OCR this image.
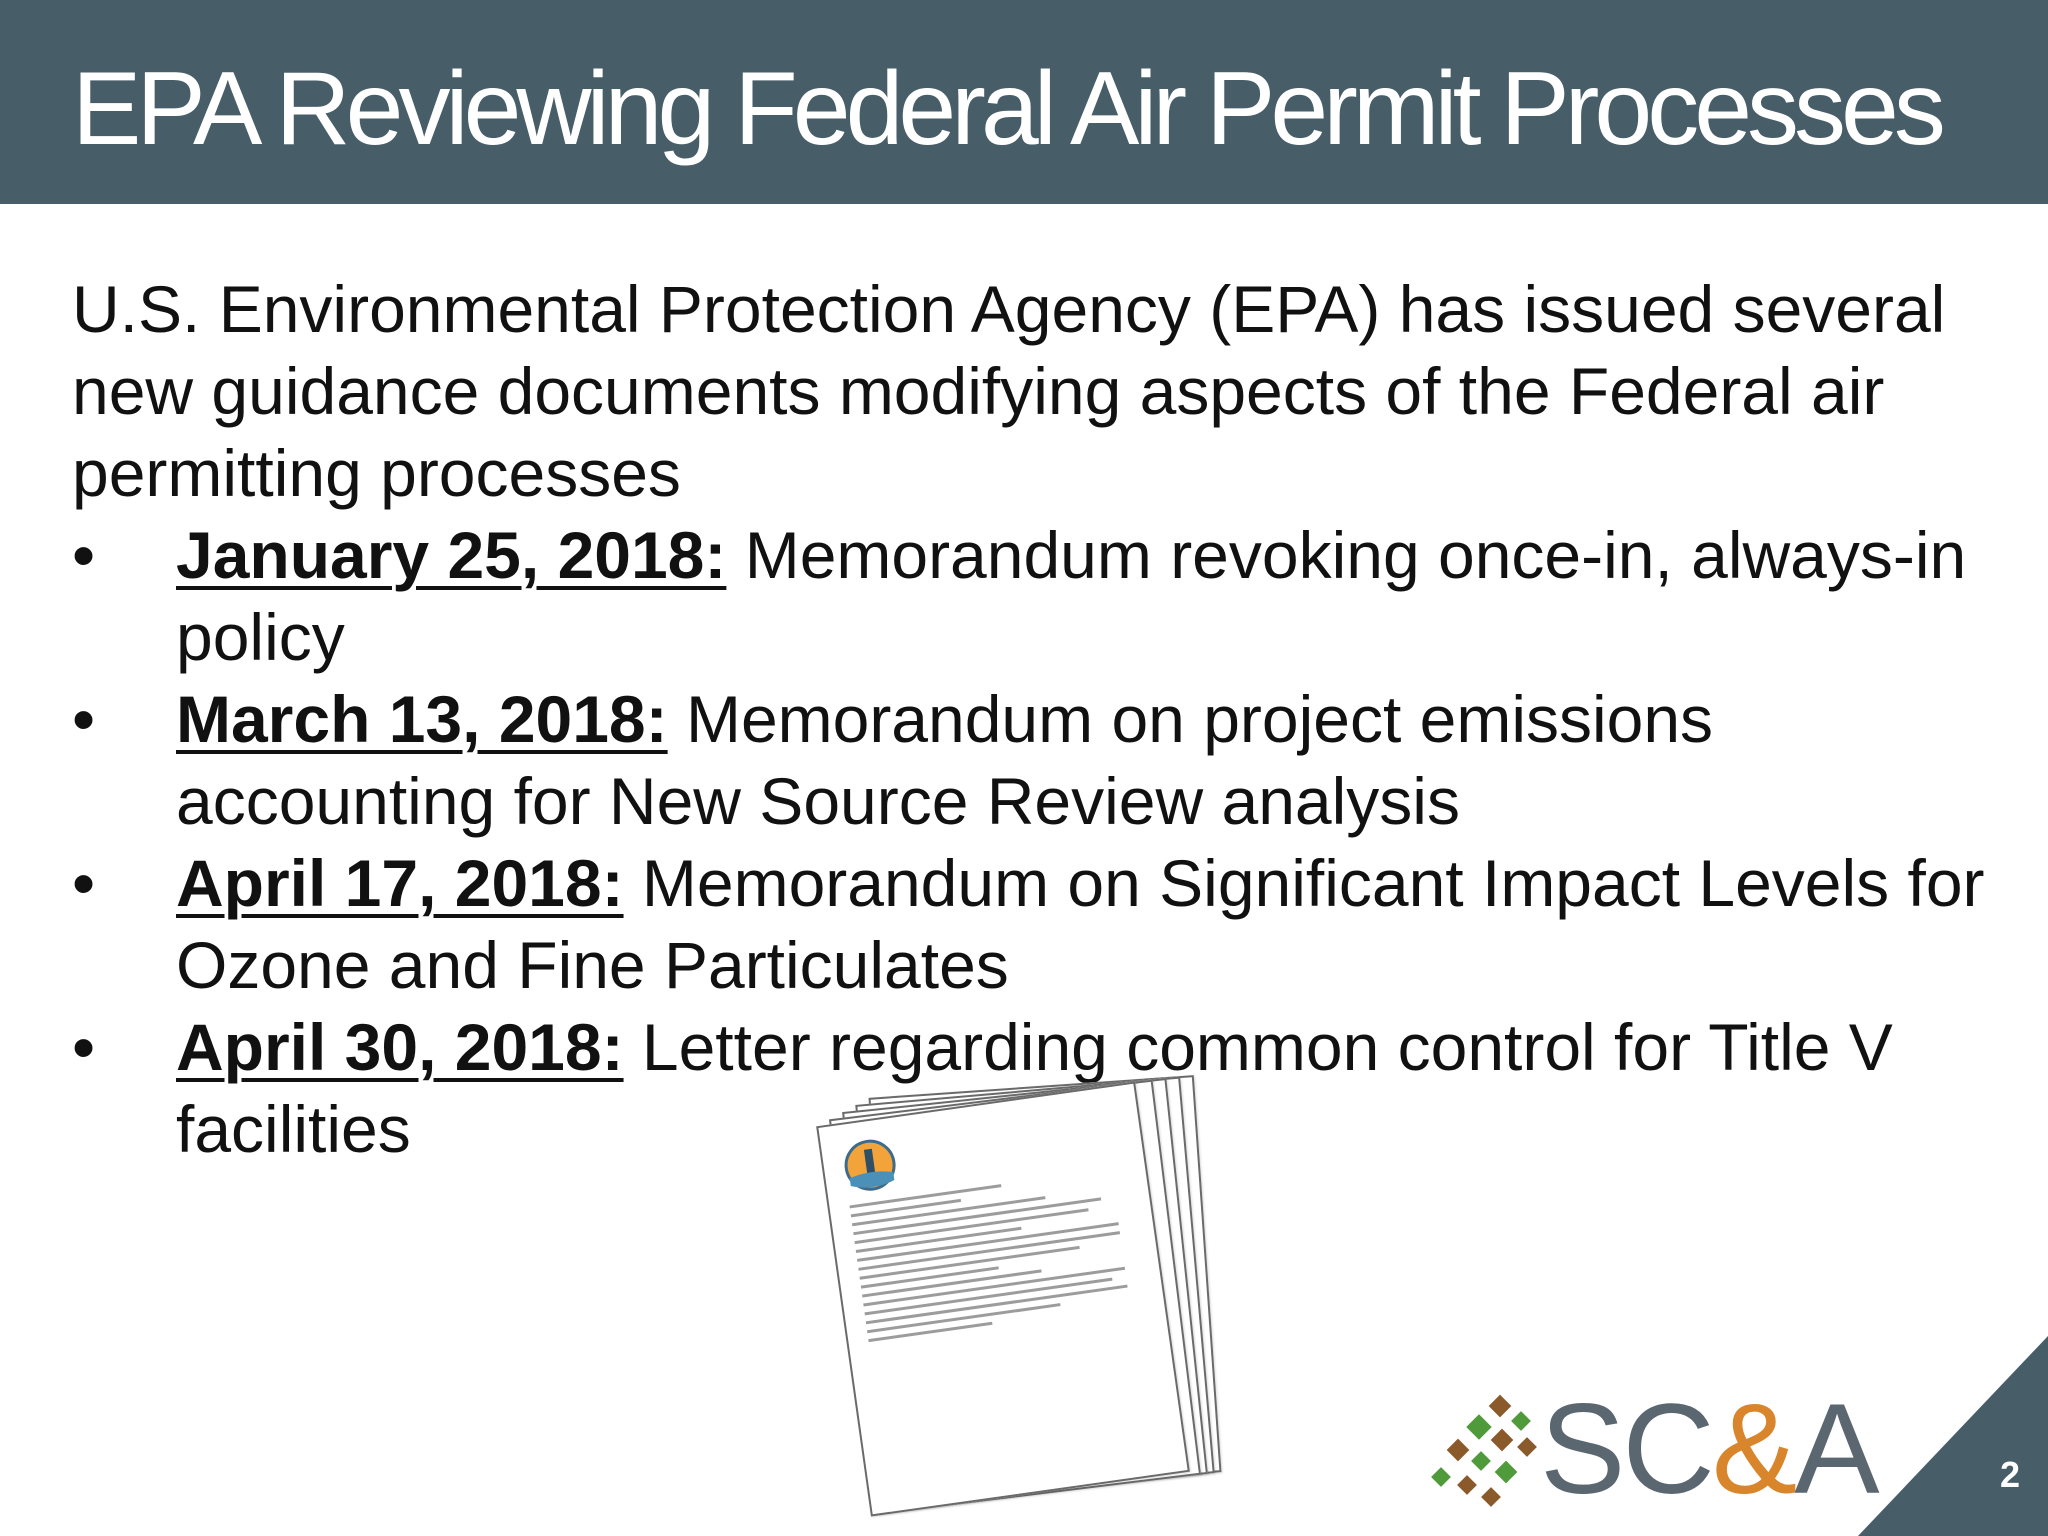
EPA Reviewing Federal Air Permit Processes

U.S. Environmental Protection Agency (EPA) has issued several new guidance documents modifying aspects of the Federal air permitting processes

• January 25, 2018: Memorandum revoking once-in, always-in policy
• March 13, 2018: Memorandum on project emissions accounting for New Source Review analysis
• April 17, 2018: Memorandum on Significant Impact Levels for Ozone and Fine Particulates
• April 30, 2018: Letter regarding common control for Title V facilities
SC&A	2
